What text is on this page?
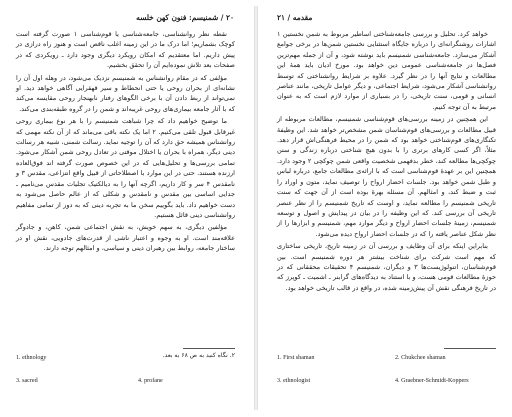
۲۰ / شمنیسم: فنون کهن خلسه

نقطه نظر روانشناسی، جامعه‌شناسی یا قوم‌شناسی ۱ صورت گرفته است کوچک بشماریم؛ اما درک ما در این زمینه اغلب ناقص است و هنوز راه درازی در پیش داریم. اما معتقدیم که امکان رویکرد دیگری وجود دارد ـ رویکردی که در صفحات بعد تلاش نموده‌ایم آن را تحقق بخشیم.

مؤلفی که در مقام روانشناس به شمنیسم نزدیک می‌شود، در وهله اول آن را نشانه‌ای از بحران روحی یا حتی انحطاط و سیر قهقرایی آگاهی خواهد دید. او نمی‌تواند از ربط دادن آن با برخی الگوهای رفتار نابهنجار روحی مقایسه می‌کند که با آثار جامعه بیماری‌های روحی غریبه‌اند و شمن را در گروه طبقه‌بندی می‌کند.

ما توضیح خواهیم داد که چرا شباهت شمنیسم را با هر نوع بیماری روحی غیرقابل قبول تلقی می‌کنیم. ۲ اما یک نکته باقی می‌ماند که از آن نکته مهمی که روانشناس همیشه حق دارد که آن را توجیه نماید. رسالت شمنی، شبیه هر رسالت دینی دیگر، همراه با بحران یا اختلال موقتی در تعادل روحی شمن آشکار می‌شود. تمامی بررسی‌ها و تحلیل‌هایی که در این خصوص صورت گرفته اند فوق‌العاده ارزنده هستند. حتی در این موارد با اصطلاحاتی از قبیل واقع انتزاعی، مقدس ۳ و نامقدس ۴ سر و کار داریم، اگرچه آنها را به دیالکتیک تجلیات مقدس می‌نامیم ـ جدایی اساسی بین مقدس و نامقدس و شکلی که از عالم حاصل می‌شود به دست خواهیم داد. باید بگوییم سخن ما به تجربه دینی که به دور از تمامی مفاهیم روانشناسی دینی قائل هستیم.

مؤلفین دیگری، به سهم خویش، به نقش اجتماعی شمن، کاهن، و جادوگر علاقه‌مند است. او به وجوه و اعتبار ناشی از قدرت‌های جادویی، نقش او در ساختار جامعه، روابط بین رهبران دینی و سیاسی، و امثالهم توجه دارند.

1. ethnology
3. sacred	4. profane
۲. نگاه کنید به ص ۶۸ به بعد.
مقدمه / ۲۱

خواهد کرد. تحلیل و بررسی جامعه‌شناختی اساطیر مربوط به شمن نخستین ۱ اشارات روشنگرانه‌ای را درباره جایگاه استثنایی نخستین شمن‌ها در برخی جوامع آشکار می‌سازد. جامعه‌شناسی شمنیسم باید نوشته شود، و آن از جمله مهم‌ترین فصل‌ها در جامعه‌شناسی عمومی دین خواهد بود. مورخ ادیان باید همهٔ این مطالعات و نتایج آنها را در نظر گیرد. علاوه بر شرایط روانشناختی که توسط روانشناسی آشکار می‌شود، شرایط اجتماعی، و دیگر عوامل تاریخی، مانند عناصر انسانی و قومی، سنت تاریخی، را در بسیاری از موارد لازم است که به عنوان مرتبط به آن توجه کنیم.

این همچنین در زمینه بررسی‌های قوم‌شناسی شمنیسم، مطالعات مربوطه از قبیل مطالعات و بررسی‌های قوم‌شناسان شمن مشخص‌تر خواهد شد. این وظیفهٔ تکنگاری‌های قوم‌شناختی خواهد بود که شمن را در محیط فرهنگی‌اش قرار دهد. مثلاً، اگر کسی کارهای برتری را با بدون هیچ شناختی درباره زندگی و سنن چوکچی‌ها مطالعه کند، خطر بدفهمی شخصیت واقعی شمن چوکچی ۲ وجود دارد. همچنین این بر عهدهٔ قوم‌شناسی است که با ارائه‌ی مطالعات جامع، درباره لباس و طبل شمن خواهد بود. جلسات احضار ارواح را توصیف نماید، متون و اوراد را ثبت و ضبط کند، و امثالهم. آن مسئله بهرهٔ بوده است از آن جهت که سنت تاریخی شمنیسم را مطالعه نماید، و اوست که تاریخ شمنیسم را از نظر عنصر تاریخی آن بررسی کند. که این وظیفه را در بیان در پیدایش و اصول و توسعه شمنیسم، زمینهٔ جلسات احضار ارواح و دیگر موارد مهم، شمنیسم و ابزارها را از نظر شکل عناصر یافته را که در جلسات احضار ارواح دیده می‌شود.

بنابراین اینکه برای آن وظایف و بررسی آن در زمینه تاریخ، تاریخی ساختاری که مهم است شرکت برای شناخت بیشتر هر دوره شمنیسم است. بین قوم‌شناسان، اتنولوژیست‌ها ۳ و دیگران، شمنیسم ۴ تحقیقات محققانی که در حوزهٔ مطالعات قومی هست، و با استناد به دیدگاه‌های گرابنر ـ اشمیت ـ کوپرز که در تاریخ فرهنگی نقش آن پیش‌زمینه شده، در واقع در قالب تاریخی خواهد بود.

1. First shaman	2. Chukchee shaman
3. ethnologist	4. Graebner-Schmidt-Koppers
